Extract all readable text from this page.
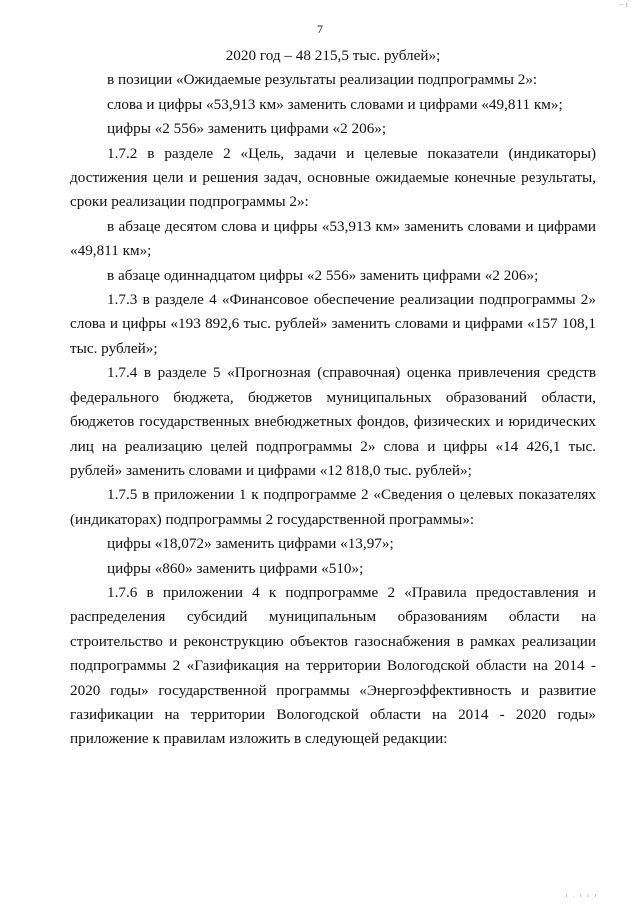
⌐ ı
7

2020 год – 48 215,5 тыс. рублей»;

в позиции «Ожидаемые результаты реализации подпрограммы 2»:

слова и цифры «53,913 км» заменить словами и цифрами «49,811 км»;

цифры «2 556» заменить цифрами «2 206»;

1.7.2 в разделе 2 «Цель, задачи и целевые показатели (индикаторы) достижения цели и решения задач, основные ожидаемые конечные результаты, сроки реализации подпрограммы 2»:

в абзаце десятом слова и цифры «53,913 км» заменить словами и цифрами «49,811 км»;

в абзаце одиннадцатом цифры «2 556» заменить цифрами «2 206»;

1.7.3 в разделе 4 «Финансовое обеспечение реализации подпрограммы 2» слова и цифры «193 892,6 тыс. рублей» заменить словами и цифрами «157 108,1 тыс. рублей»;

1.7.4 в разделе 5 «Прогнозная (справочная) оценка привлечения средств федерального бюджета, бюджетов муниципальных образований области, бюджетов государственных внебюджетных фондов, физических и юридических лиц на реализацию целей подпрограммы 2» слова и цифры «14 426,1 тыс. рублей» заменить словами и цифрами «12 818,0 тыс. рублей»;

1.7.5 в приложении 1 к подпрограмме 2 «Сведения о целевых показателях (индикаторах) подпрограммы 2 государственной программы»:

цифры «18,072» заменить цифрами «13,97»;

цифры «860» заменить цифрами «510»;

1.7.6 в приложении 4 к подпрограмме 2 «Правила предоставления и распределения субсидий муниципальным образованиям области на строительство и реконструкцию объектов газоснабжения в рамках реализации подпрограммы 2 «Газификация на территории Вологодской области на 2014 - 2020 годы» государственной программы «Энергоэффективность и развитие газификации на территории Вологодской области на 2014 - 2020 годы» приложение к правилам изложить в следующей редакции:

ı . ı ı ı
